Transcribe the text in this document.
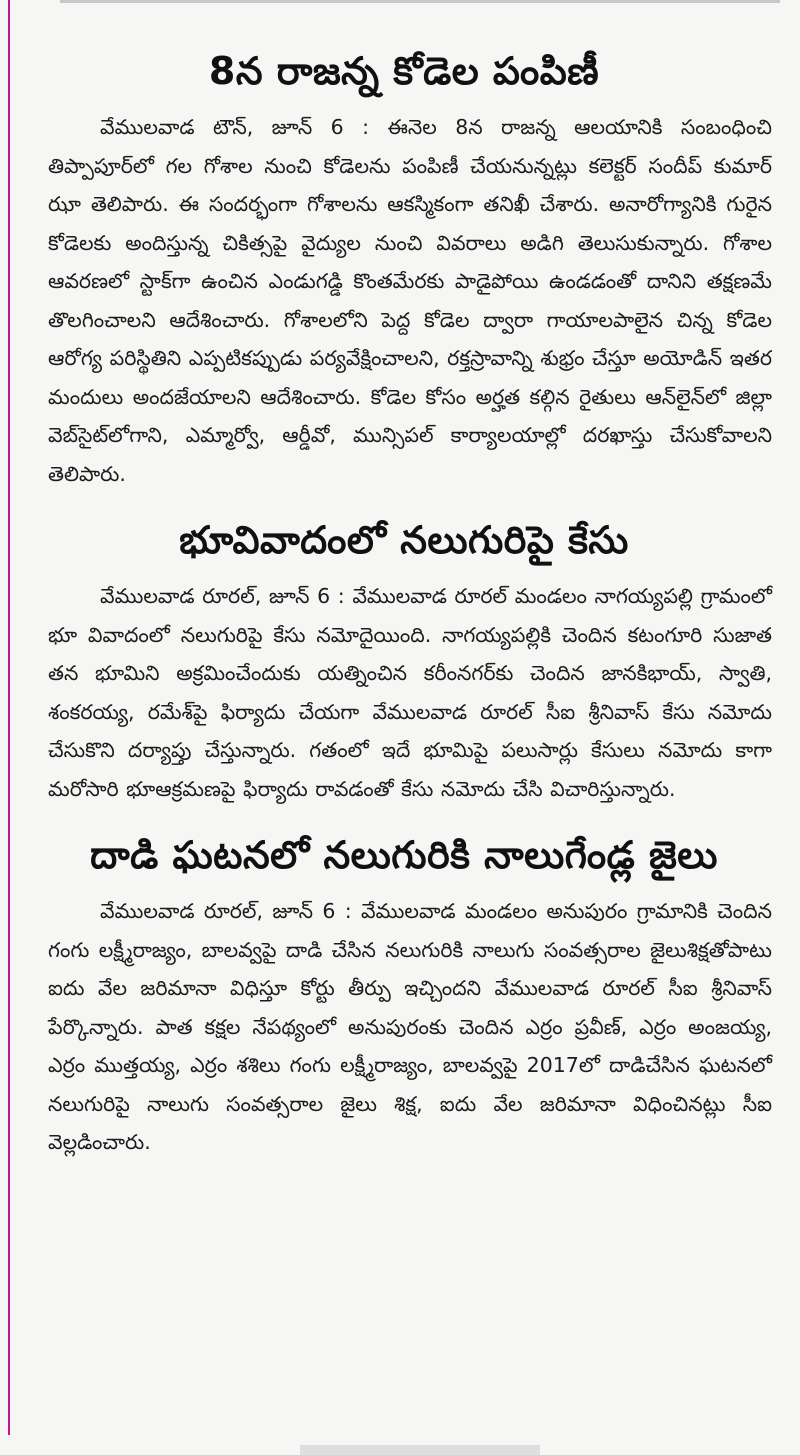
8న రాజన్న కోడెల పంపిణీ

వేములవాడ టౌన్, జూన్ 6 : ఈనెల 8న రాజన్న ఆలయానికి సంబంధించి తిప్పాపూర్‌లో గల గోశాల నుంచి కోడెలను పంపిణీ చేయనున్నట్లు కలెక్టర్ సందీప్ కుమార్ ఝా తెలిపారు. ఈ సందర్భంగా గోశాలను ఆకస్మికంగా తనిఖీ చేశారు. అనారోగ్యానికి గురైన కోడెలకు అందిస్తున్న చికిత్సపై వైద్యుల నుంచి వివరాలు అడిగి తెలుసుకున్నారు. గోశాల ఆవరణలో స్టాక్‌గా ఉంచిన ఎండుగడ్డి కొంతమేరకు పాడైపోయి ఉండడంతో దానిని తక్షణమే తొలగించాలని ఆదేశించారు. గోశాలలోని పెద్ద కోడెల ద్వారా గాయాలపాలైన చిన్న కోడెల ఆరోగ్య పరిస్థితిని ఎప్పటికప్పుడు పర్యవేక్షించాలని, రక్తస్రావాన్ని శుభ్రం చేస్తూ అయోడిన్ ఇతర మందులు అందజేయాలని ఆదేశించారు. కోడెల కోసం అర్హత కల్గిన రైతులు ఆన్‌లైన్‌లో జిల్లా వెబ్‌సైట్‌లోగాని, ఎమ్మార్వో, ఆర్డీవో, మున్సిపల్ కార్యాలయాల్లో దరఖాస్తు చేసుకోవాలని తెలిపారు.

భూవివాదంలో నలుగురిపై కేసు

వేములవాడ రూరల్, జూన్ 6 : వేములవాడ రూరల్ మండలం నాగయ్యపల్లి గ్రామంలో భూ వివాదంలో నలుగురిపై కేసు నమోదైయింది. నాగయ్యపల్లికి చెందిన కటంగూరి సుజాత తన భూమిని అక్రమించేందుకు యత్నించిన కరీంనగర్‌కు చెందిన జానకిభాయ్, స్వాతి, శంకరయ్య, రమేశ్‌పై ఫిర్యాదు చేయగా వేములవాడ రూరల్ సీఐ శ్రీనివాస్ కేసు నమోదు చేసుకొని దర్యాప్తు చేస్తున్నారు. గతంలో ఇదే భూమిపై పలుసార్లు కేసులు నమోదు కాగా మరోసారి భూఆక్రమణపై ఫిర్యాదు రావడంతో కేసు నమోదు చేసి విచారిస్తున్నారు.

దాడి ఘటనలో నలుగురికి నాలుగేండ్ల జైలు

వేములవాడ రూరల్, జూన్ 6 : వేములవాడ మండలం అనుపురం గ్రామానికి చెందిన గంగు లక్ష్మీరాజ్యం, బాలవ్వపై దాడి చేసిన నలుగురికి నాలుగు సంవత్సరాల జైలుశిక్షతోపాటు ఐదు వేల జరిమానా విధిస్తూ కోర్టు తీర్పు ఇచ్చిందని వేములవాడ రూరల్ సీఐ శ్రీనివాస్ పేర్కొన్నారు. పాత కక్షల నేపథ్యంలో అనుపురంకు చెందిన ఎర్రం ప్రవీణ్, ఎర్రం అంజయ్య, ఎర్రం ముత్తయ్య, ఎర్రం శశిలు గంగు లక్ష్మీరాజ్యం, బాలవ్వపై 2017లో దాడిచేసిన ఘటనలో నలుగురిపై నాలుగు సంవత్సరాల జైలు శిక్ష, ఐదు వేల జరిమానా విధించినట్లు సీఐ వెల్లడించారు.
